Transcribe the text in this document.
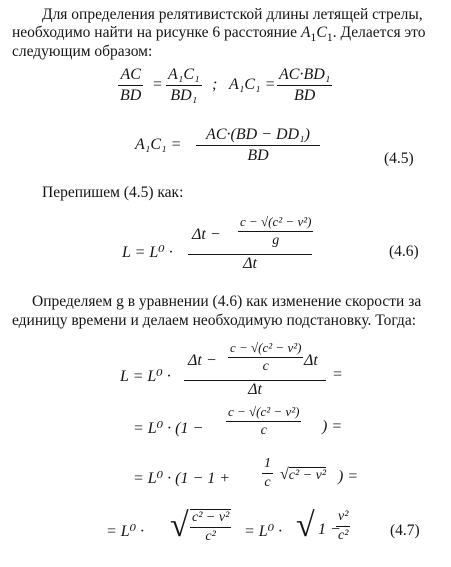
Для определения релятивистской длины летящей стрелы,
необходимо найти на рисунке 6 расстояние $A_1C_1$. Делается это
следующим образом:
AC
BD
=
A₁C₁
BD₁
; A₁C₁ =
AC·BD₁
BD
A₁C₁ =
AC·(BD − DD₁)
BD	(4.5)
Перепишем (4.5) как:
L = L⁰ ·
Δt −
c − √(c² − v²)
g
Δt
(4.6)
Определяем g в уравнении (4.6) как изменение скорости за
единицу времени и делаем необходимую подстановку. Тогда:
L = L⁰ ·
Δt −
c − √(c² − v²)
c	Δt
Δt
=
= L⁰ · (1 −
c − √(c² − v²)
c	) =
= L⁰ · (1 − 1 +
1
c √c² − v² ) =
= L⁰ · √ c² − v²
c²	= L⁰ · √ 1 −
v²
c²	(4.7)
